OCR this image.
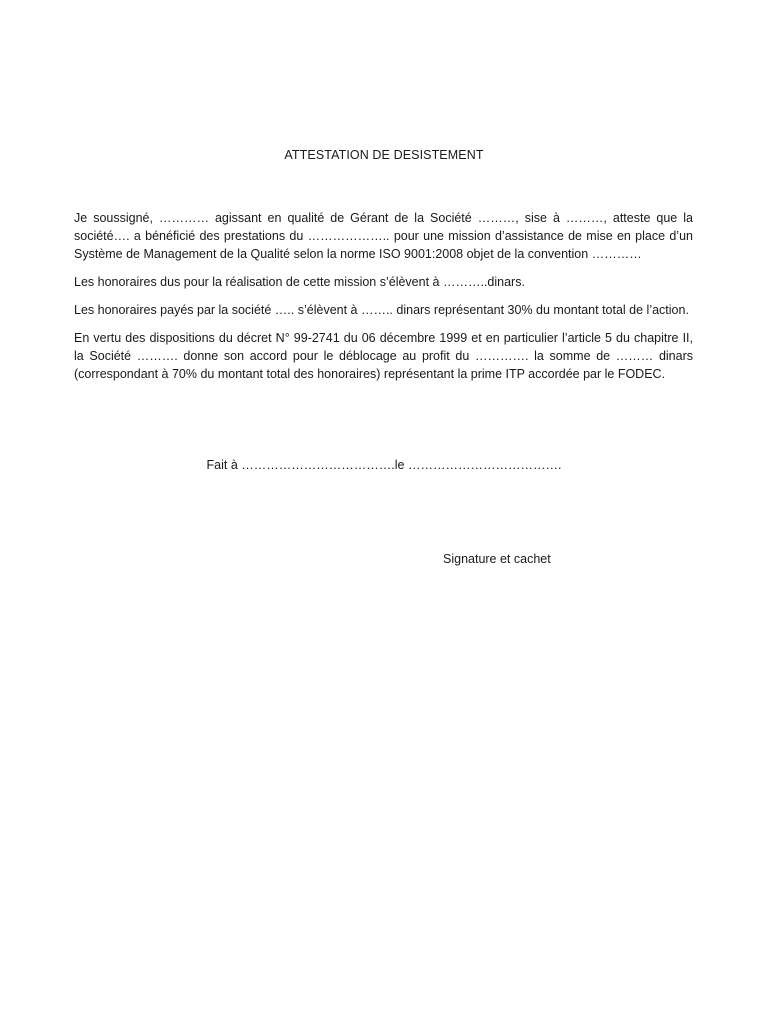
ATTESTATION DE DESISTEMENT

Je soussigné, ………… agissant en qualité de Gérant de la Société ………, sise à ………, atteste que la société…. a bénéficié des prestations du ……………….. pour une mission d’assistance de mise en place d’un Système de Management de la Qualité selon la norme ISO 9001:2008 objet de la convention …………

Les honoraires dus pour la réalisation de cette mission s’élèvent à ………..dinars.

Les honoraires payés par la société ….. s’élèvent à …….. dinars représentant 30% du montant total de l’action.

En vertu des dispositions du décret N° 99-2741 du 06 décembre 1999 et en particulier l’article 5 du chapitre II, la Société ………. donne son accord pour le déblocage au profit du …………. la somme de ……… dinars (correspondant à 70% du montant total des honoraires) représentant la prime ITP accordée par le FODEC.

Fait à ……………………………….le ……………………………….
Signature et cachet
